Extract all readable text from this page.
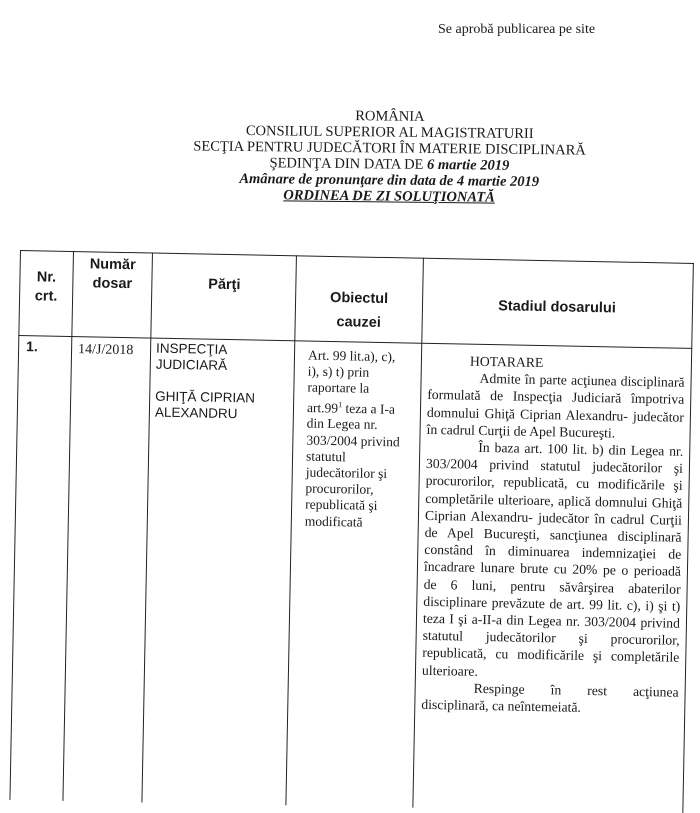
Se aprobă publicarea pe site
ROMÂNIA
CONSILIUL SUPERIOR AL MAGISTRATURII
SECŢIA PENTRU JUDECĂTORI ÎN MATERIE DISCIPLINARĂ
ŞEDINŢA DIN DATA DE 6 martie 2019
Amânare de pronunţare din data de 4 martie 2019
ORDINEA DE ZI SOLUŢIONATĂ
Nr.
crt.
Număr
dosar	Părţi
Obiectul
cauzei
Stadiul dosarului
1.	14/J/2018 INSPECŢIA
JUDICIARĂ
GHIŢĂ CIPRIAN
ALEXANDRU
Art. 99 lit.a), c),
i), s) t) prin
raportare la
$art.99^1$ teza a I-a
din Legea nr.
303/2004 privind
statutul
judecătorilor şi
procurorilor,
republicată şi
modificată

HOTARARE

Admite în parte acţiunea disciplinară formulată de Inspecţia Judiciară împotriva domnului Ghiţă Ciprian Alexandru- judecător în cadrul Curţii de Apel Bucureşti.

În baza art. 100 lit. b) din Legea nr. 303/2004 privind statutul judecătorilor şi procurorilor, republicată, cu modificările şi completările ulterioare, aplică domnului Ghiţă Ciprian Alexandru- judecător în cadrul Curţii de Apel Bucureşti, sancţiunea disciplinară constând în diminuarea indemnizaţiei de încadrare lunare brute cu 20% pe o perioadă de 6 luni, pentru săvârşirea abaterilor disciplinare prevăzute de art. 99 lit. c), i) şi t) teza I şi a-II-a din Legea nr. 303/2004 privind statutul judecătorilor şi procurorilor, republicată, cu modificările şi completările ulterioare.

Respinge în rest acţiunea disciplinară, ca neîntemeiată.
